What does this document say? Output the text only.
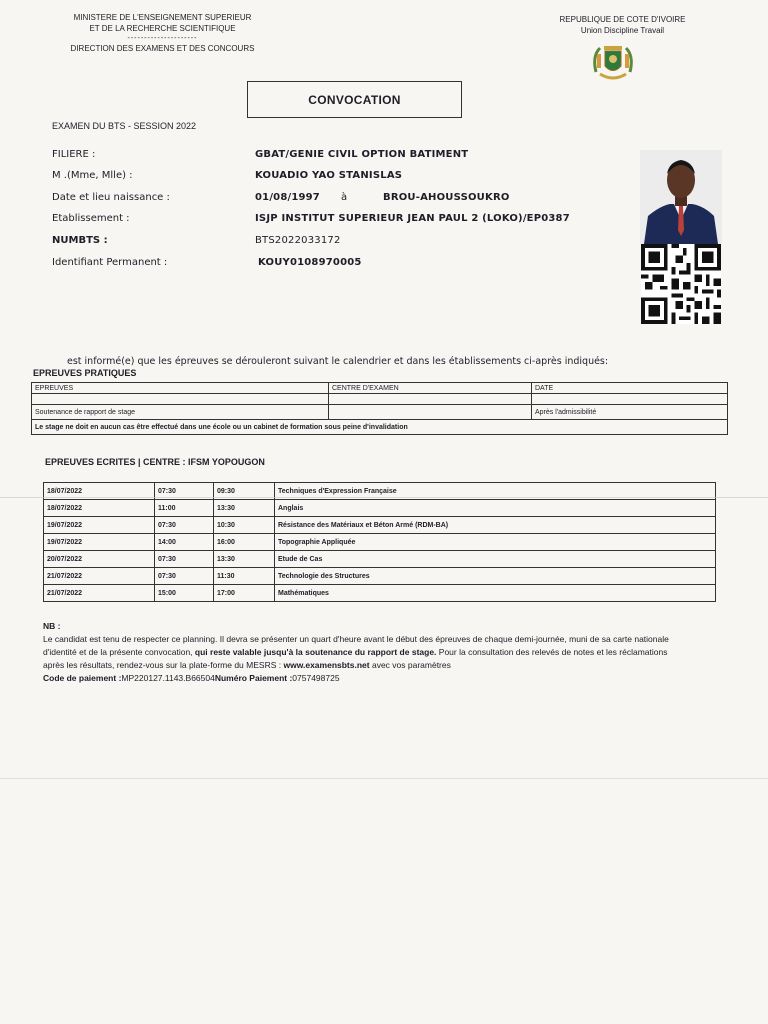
MINISTERE DE L'ENSEIGNEMENT SUPERIEUR
ET DE LA RECHERCHE SCIENTIFIQUE
---------------------
DIRECTION DES EXAMENS ET DES CONCOURS
REPUBLIQUE DE COTE D'IVOIRE
Union Discipline Travail
CONVOCATION
EXAMEN DU BTS - SESSION 2022
FILIERE :	GBAT/GENIE CIVIL OPTION BATIMENT
M .(Mme, Mlle) :	KOUADIO YAO STANISLAS
Date et lieu naissance :	01/08/1997 à	BROU-AHOUSSOUKRO
Etablissement :	ISJP INSTITUT SUPERIEUR JEAN PAUL 2 (LOKO)/EP0387
NUMBTS :	BTS2022033172
Identifiant Permanent :	KOUY0108970005
est informé(e) que les épreuves se dérouleront suivant le calendrier et dans les établissements ci-après indiqués:
EPREUVES PRATIQUES
EPREUVES	CENTRE D'EXAMEN	DATE

Soutenance de rapport de stage		Après l'admissibilité
Le stage ne doit en aucun cas être effectué dans une école ou un cabinet de formation sous peine d'invalidation		
EPREUVES ECRITES | CENTRE : IFSM YOPOUGON
18/07/2022	07:30	09:30	Techniques d'Expression Française
18/07/2022	11:00	13:30	Anglais
19/07/2022	07:30	10:30	Résistance des Matériaux et Béton Armé (RDM-BA)
19/07/2022	14:00	16:00	Topographie Appliquée
20/07/2022	07:30	13:30	Etude de Cas
21/07/2022	07:30	11:30	Technologie des Structures
21/07/2022	15:00	17:00	Mathématiques
NB :
Le candidat est tenu de respecter ce planning. Il devra se présenter un quart d'heure avant le début des épreuves de chaque demi-journée, muni de sa carte nationale d'identité et de la présente convocation, qui reste valable jusqu'à la soutenance du rapport de stage. Pour la consultation des relevés de notes et les réclamations après les résultats, rendez-vous sur la plate-forme du MESRS : www.examensbts.net avec vos paramètres
Code de paiement :MP220127.1143.B66504Numéro Paiement :0757498725
